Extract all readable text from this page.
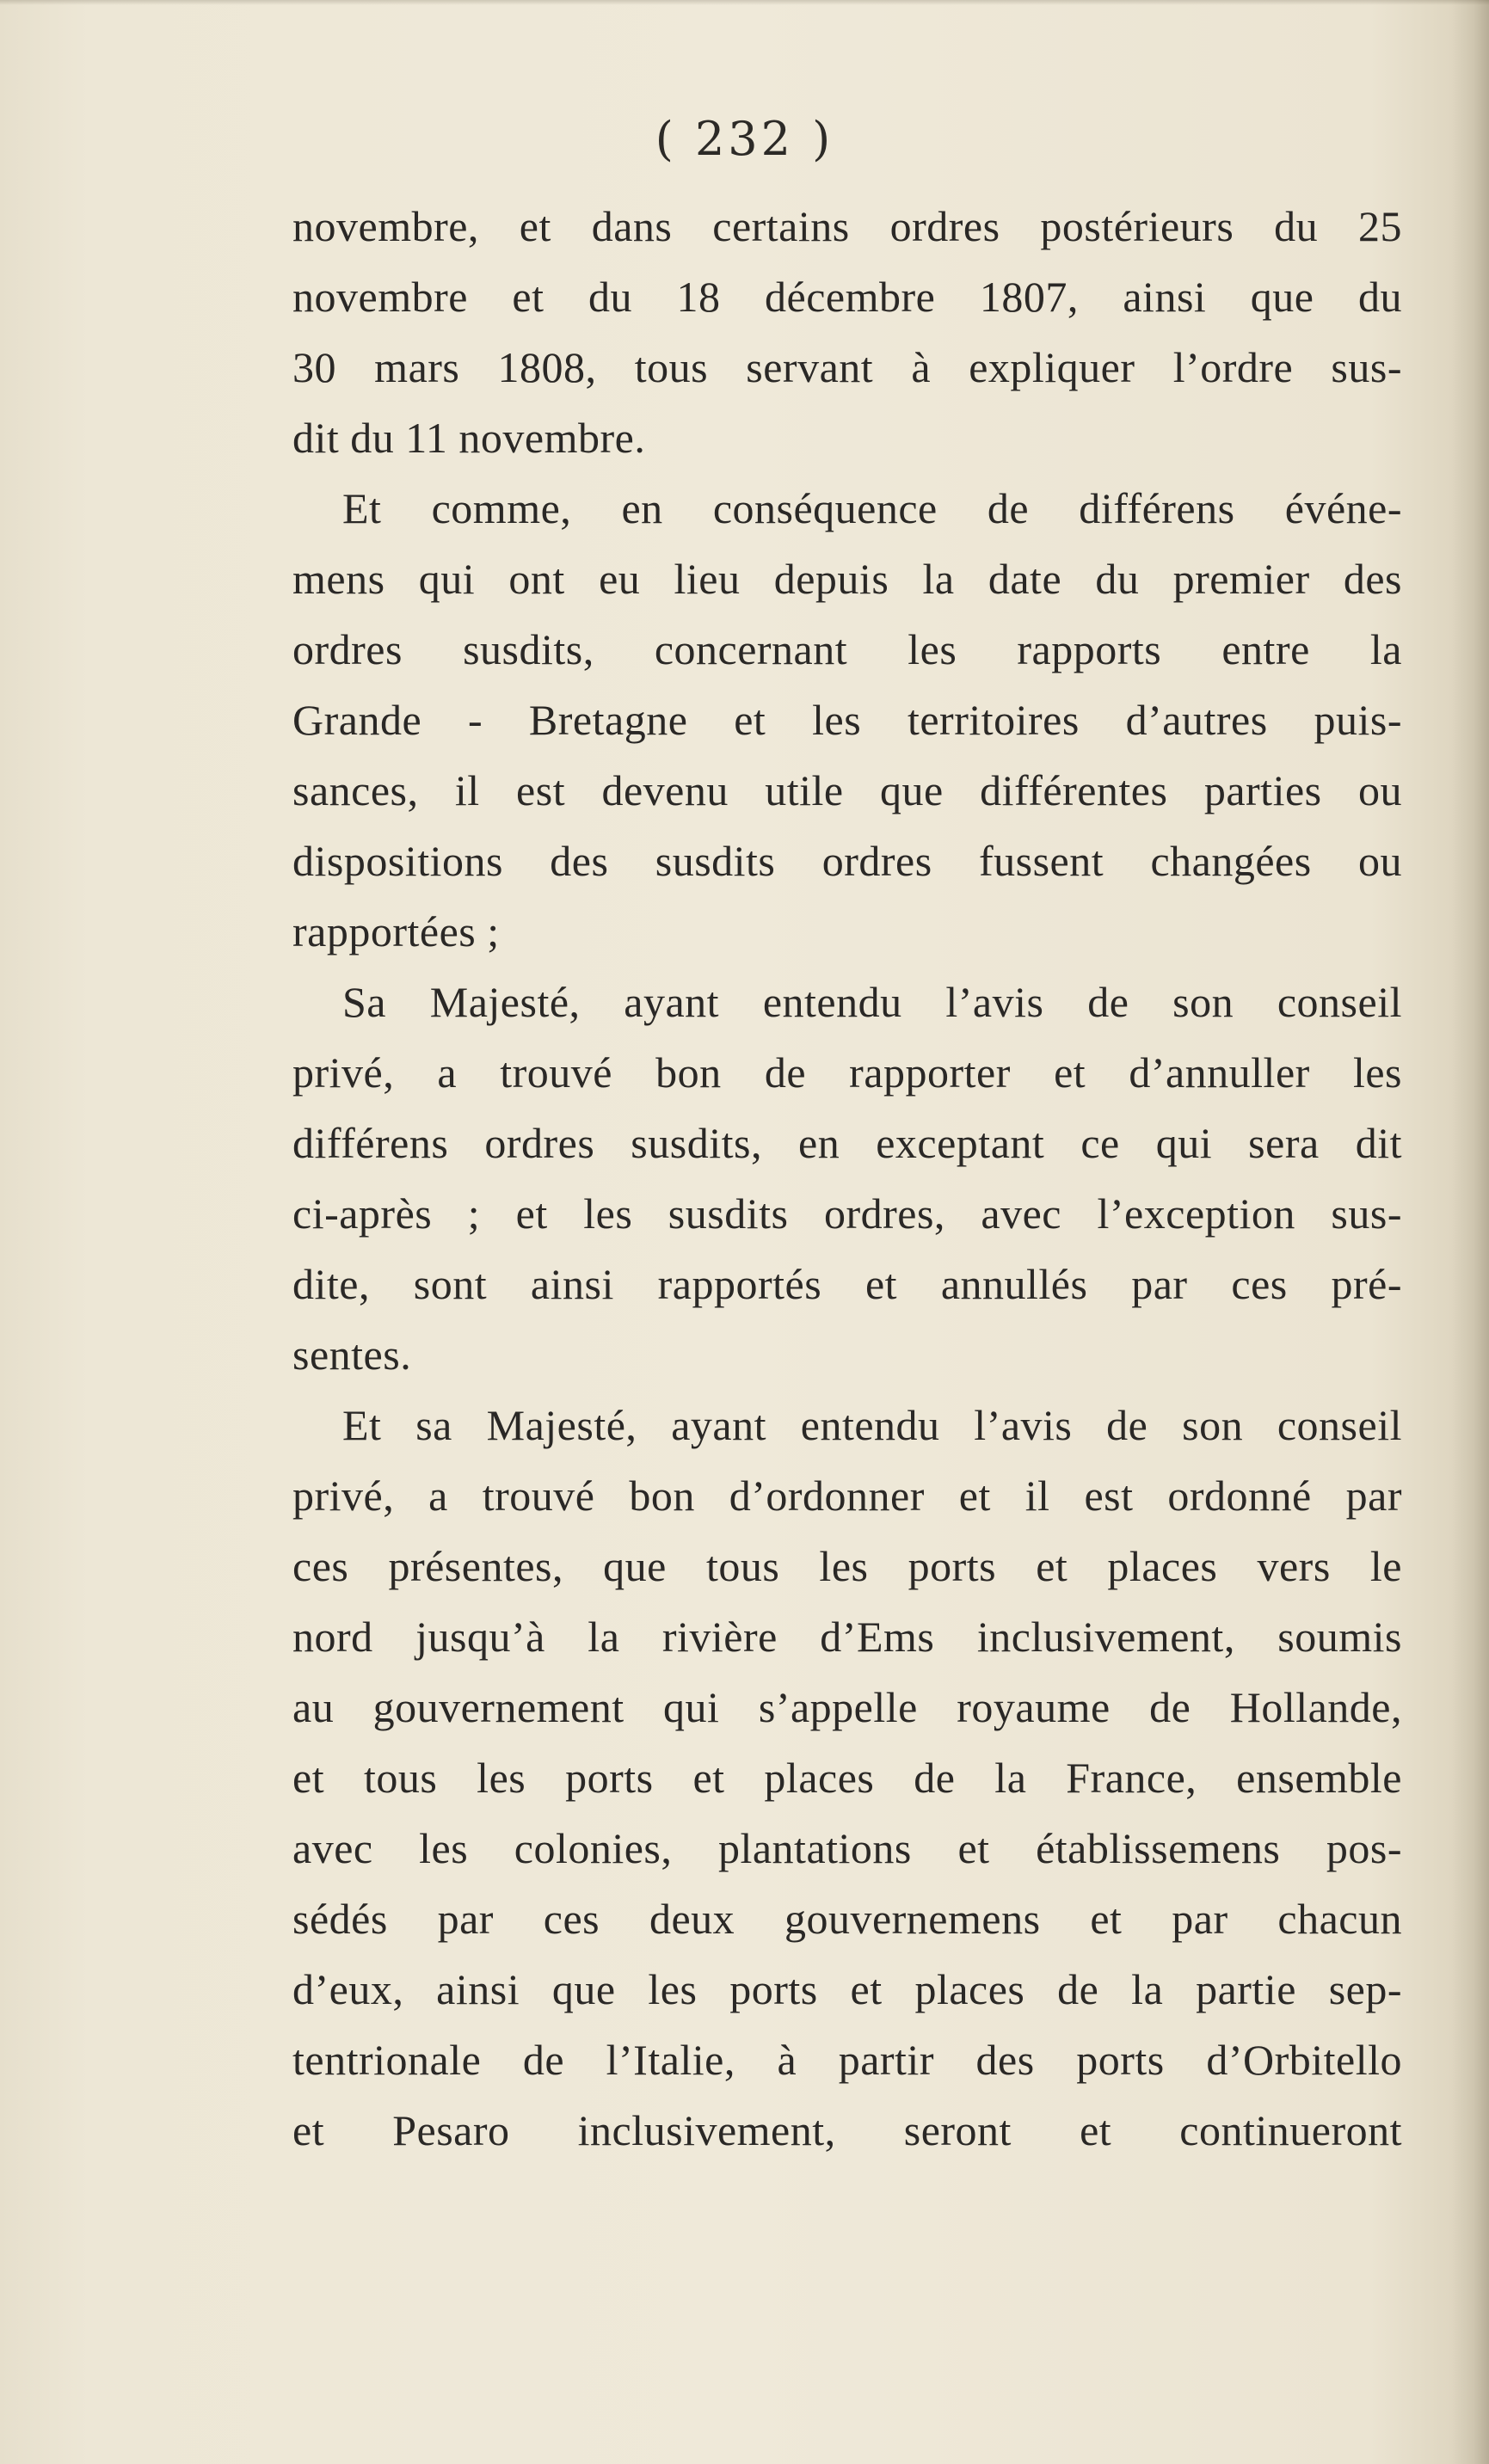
( 232 )
novembre, et dans certains ordres postérieurs du 25
novembre et du 18 décembre 1807, ainsi que du
30 mars 1808, tous servant à expliquer l’ordre sus-
dit du 11 novembre.
Et comme, en conséquence de différens événe-
mens qui ont eu lieu depuis la date du premier des
ordres susdits, concernant les rapports entre la
Grande - Bretagne et les territoires d’autres puis-
sances, il est devenu utile que différentes parties ou
dispositions des susdits ordres fussent changées ou
rapportées ;
Sa Majesté, ayant entendu l’avis de son conseil
privé, a trouvé bon de rapporter et d’annuller les
différens ordres susdits, en exceptant ce qui sera dit
ci-après ; et les susdits ordres, avec l’exception sus-
dite, sont ainsi rapportés et annullés par ces pré-
sentes.
Et sa Majesté, ayant entendu l’avis de son conseil
privé, a trouvé bon d’ordonner et il est ordonné par
ces présentes, que tous les ports et places vers le
nord jusqu’à la rivière d’Ems inclusivement, soumis
au gouvernement qui s’appelle royaume de Hollande,
et tous les ports et places de la France, ensemble
avec les colonies, plantations et établissemens pos-
sédés par ces deux gouvernemens et par chacun
d’eux, ainsi que les ports et places de la partie sep-
tentrionale de l’Italie, à partir des ports d’Orbitello
et Pesaro inclusivement, seront et continueront
